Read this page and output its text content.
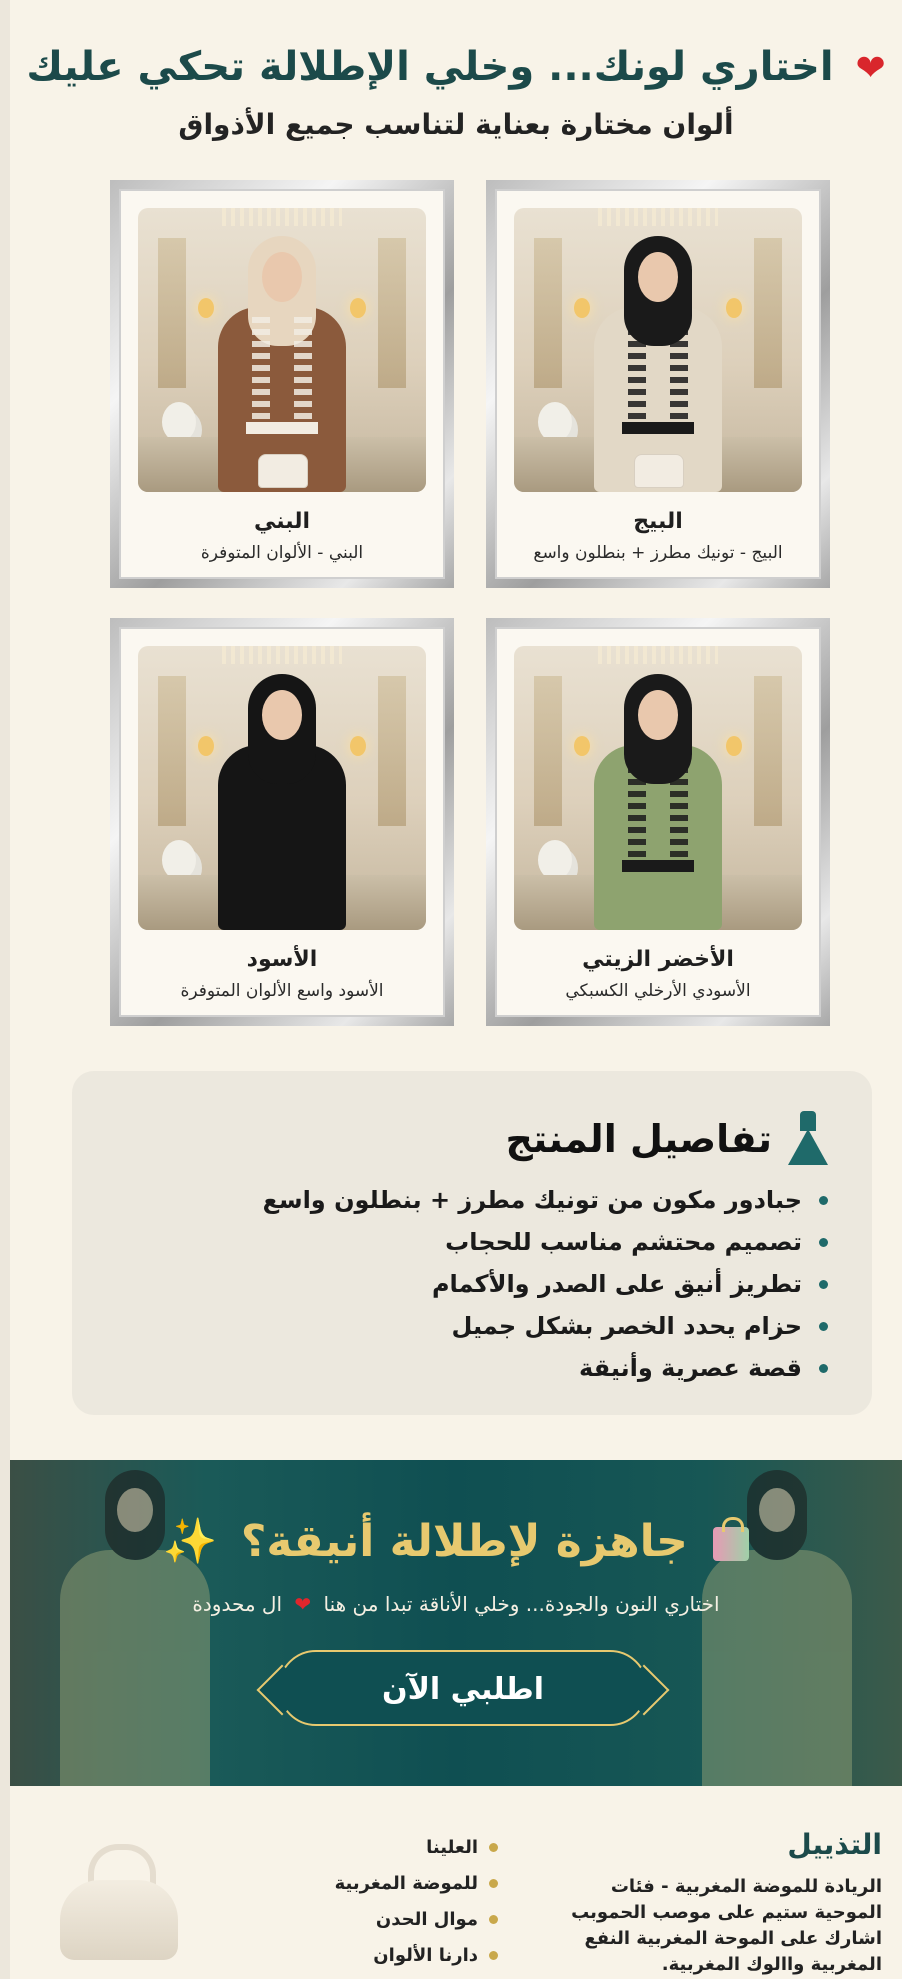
❤ اختاري لونك... وخلي الإطلالة تحكي عليك
ألوان مختارة بعناية لتناسب جميع الأذواق
البيج
البيج - تونيك مطرز + بنطلون واسع
البني
البني - الألوان المتوفرة
الأخضر الزيتي
الأسودي الأرخلي الكسبكي
الأسود
الأسود واسع الألوان المتوفرة
تفاصيل المنتج
جبادور مكون من تونيك مطرز + بنطلون واسع
تصميم محتشم مناسب للحجاب
تطريز أنيق على الصدر والأكمام
حزام يحدد الخصر بشكل جميل
قصة عصرية وأنيقة
جاهزة لإطلالة أنيقة؟ ✨
اختاري النون والجودة... وخلي الأناقة تبدا من هنا ❤ ال محدودة
اطلبي الآن
التذييل
الريادة للموضة المغربية - فئات الموحية ستيم على موصب الحموبب اشارك على الموحة المغربية النفع المغربية واالوك المغربية.
العلينا
للموضة المغربية
موال الحدن
دارنا الألوان
